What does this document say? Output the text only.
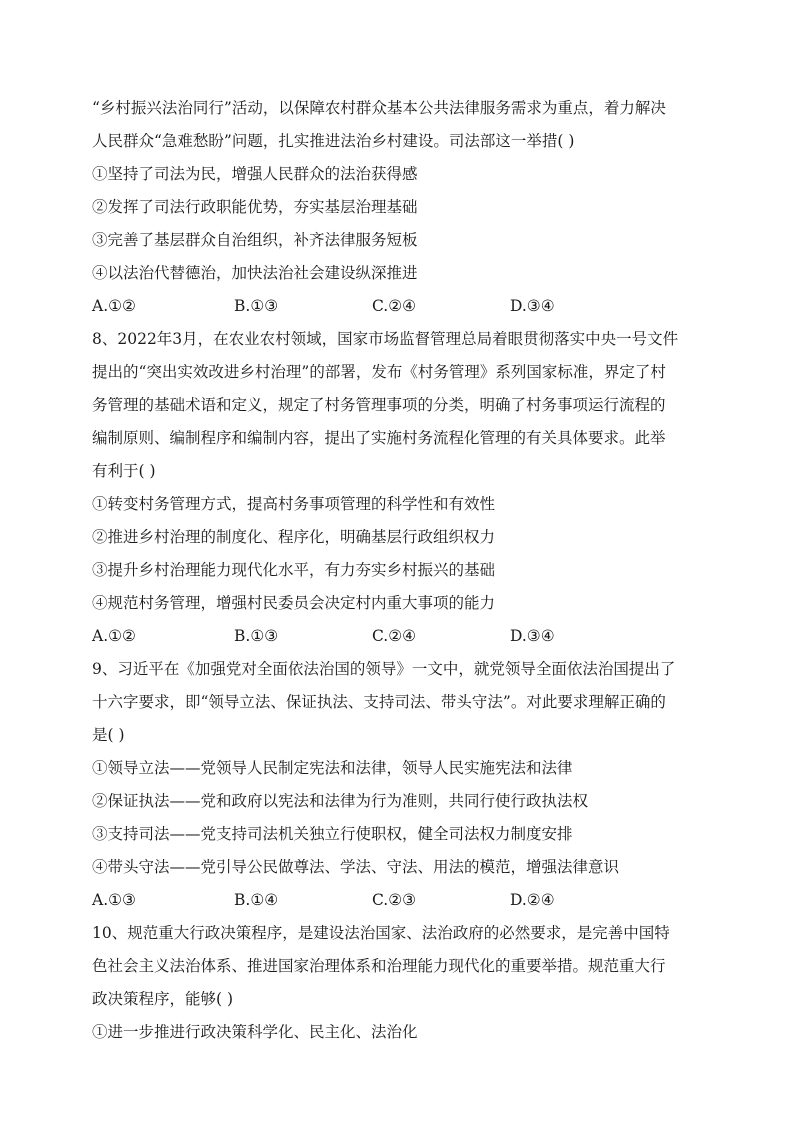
“乡村振兴法治同行”活动，以保障农村群众基本公共法律服务需求为重点，着力解决
人民群众“急难愁盼”问题，扎实推进法治乡村建设。司法部这一举措( )
①坚持了司法为民，增强人民群众的法治获得感
②发挥了司法行政职能优势，夯实基层治理基础
③完善了基层群众自治组织，补齐法律服务短板
④以法治代替德治，加快法治社会建设纵深推进
A.①②	B.①③	C.②④	D.③④
8、2022年3月，在农业农村领域，国家市场监督管理总局着眼贯彻落实中央一号文件
提出的“突出实效改进乡村治理”的部署，发布《村务管理》系列国家标准，界定了村
务管理的基础术语和定义，规定了村务管理事项的分类，明确了村务事项运行流程的
编制原则、编制程序和编制内容，提出了实施村务流程化管理的有关具体要求。此举
有利于( )
①转变村务管理方式，提高村务事项管理的科学性和有效性
②推进乡村治理的制度化、程序化，明确基层行政组织权力
③提升乡村治理能力现代化水平，有力夯实乡村振兴的基础
④规范村务管理，增强村民委员会决定村内重大事项的能力
A.①②	B.①③	C.②④	D.③④
9、习近平在《加强党对全面依法治国的领导》一文中，就党领导全面依法治国提出了
十六字要求，即“领导立法、保证执法、支持司法、带头守法”。对此要求理解正确的
是( )
①领导立法——党领导人民制定宪法和法律，领导人民实施宪法和法律
②保证执法——党和政府以宪法和法律为行为准则，共同行使行政执法权
③支持司法——党支持司法机关独立行使职权，健全司法权力制度安排
④带头守法——党引导公民做尊法、学法、守法、用法的模范，增强法律意识
A.①③	B.①④	C.②③	D.②④
10、规范重大行政决策程序，是建设法治国家、法治政府的必然要求，是完善中国特
色社会主义法治体系、推进国家治理体系和治理能力现代化的重要举措。规范重大行
政决策程序，能够( )
①进一步推进行政决策科学化、民主化、法治化
